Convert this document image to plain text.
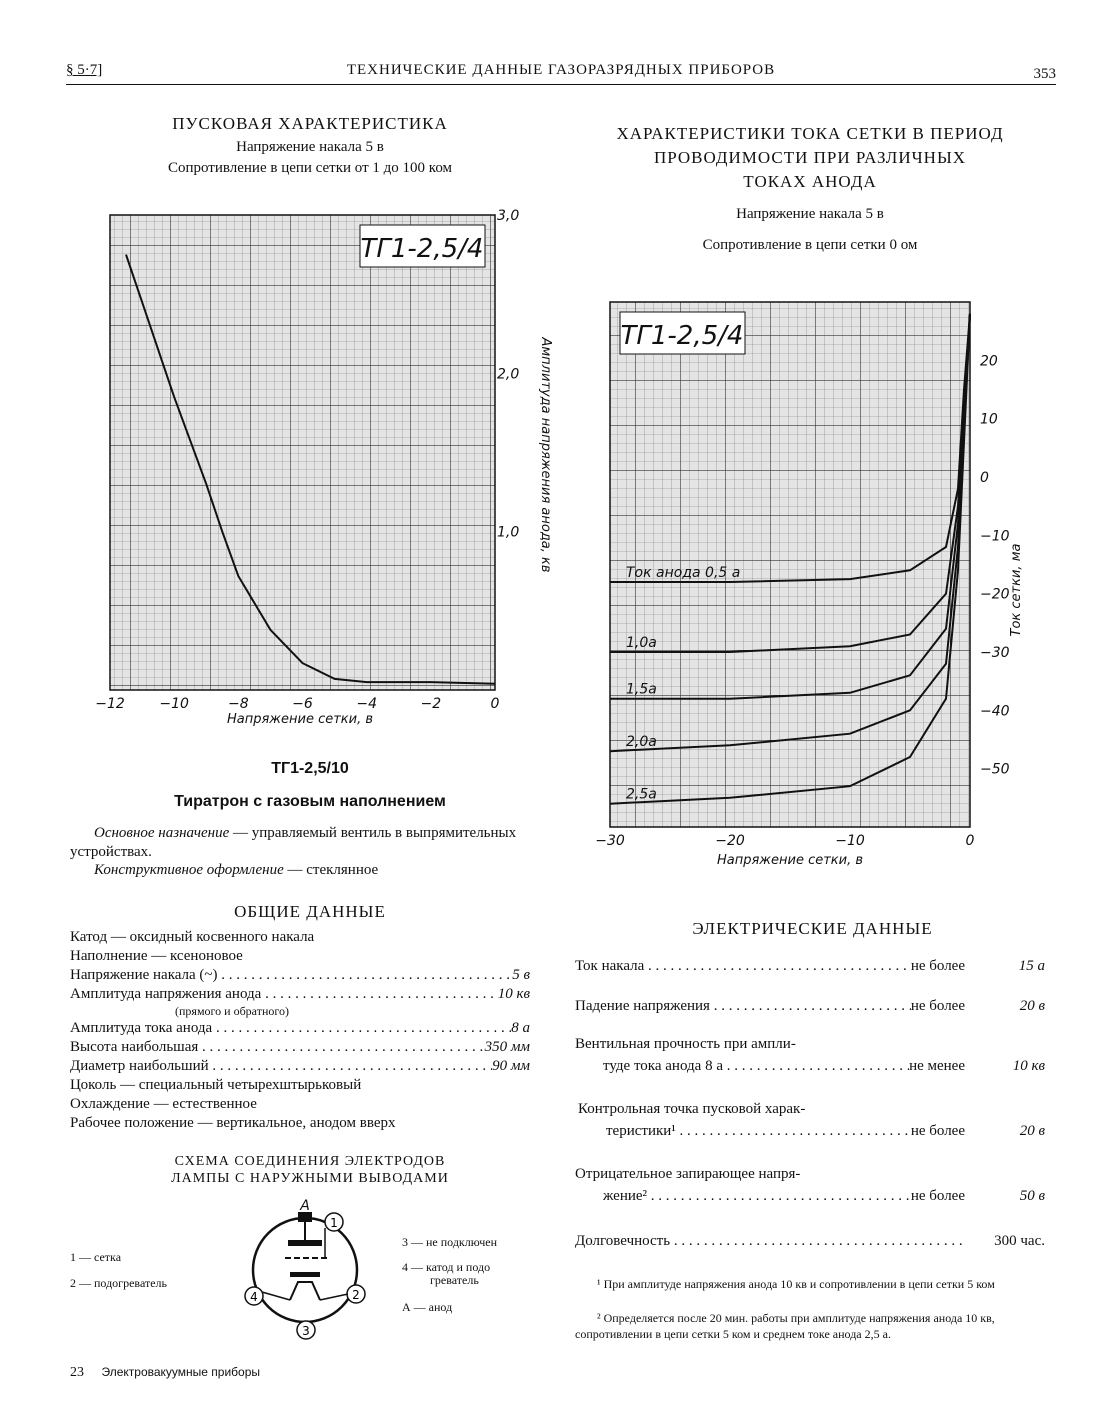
§ 5·7]	ТЕХНИЧЕСКИЕ ДАННЫЕ ГАЗОРАЗРЯДНЫХ ПРИБОРОВ	353
ПУСКОВАЯ ХАРАКТЕРИСТИКА
Напряжение накала 5 в
Сопротивление в цепи сетки от 1 до 100 ком
ТГ1-2,5/4
−12 −10	−8	−6	−4	−2	0
1,0
2,0
3,0
Напряжение сетки, в
Амплитуда напряжения анода, кв
ХАРАКТЕРИСТИКИ ТОКА СЕТКИ В ПЕРИОД
ПРОВОДИМОСТИ ПРИ РАЗЛИЧНЫХ
ТОКАХ АНОДА
Напряжение накала 5 в
Сопротивление в цепи сетки 0 ом
ТГ1-2,5/4
Ток анода 0,5 а
1,0а
1,5а
2,0а
2,5а
−30	−20	−10	0
20
10
0
−10
−20
−30
−40
−50
Напряжение сетки, в
Ток сетки, ма
ТГ1-2,5/10
Тиратрон с газовым наполнением
Основное назначение — управляемый вентиль в выпрямительных устройствах.
Конструктивное оформление — стеклянное
ОБЩИЕ ДАННЫЕ
Катод — оксидный косвенного накала
Наполнение — ксеноновое
Напряжение накала (~) . . .	5 в
Амплитуда напряжения анода . . .	10 кв
(прямого и обратного)
Амплитуда тока анода . . .	8 а
Высота наибольшая . . .	350 мм
Диаметр наибольший . . .	90 мм
Цоколь — специальный четырехштырьковый
Охлаждение — естественное
Рабочее положение — вертикальное, анодом вверх
СХЕМА СОЕДИНЕНИЯ ЭЛЕКТРОДОВ
ЛАМПЫ С НАРУЖНЫМИ ВЫВОДАМИ
1 — сетка
2 — подогреватель
3 — не подключен
4 — катод и подо
греватель
А — анод
А
1
2
3
4
ЭЛЕКТРИЧЕСКИЕ ДАННЫЕ
Ток накала . . .	не более	15 а
Падение напряжения . . .	не более	20 в
Вентильная прочность при ампли-
туде тока анода 8 а . . .	не менее	10 кв
Контрольная точка пусковой харак-
теристики¹ . . .	не более	20 в
Отрицательное запирающее напря-
жение² . . .	не более	50 в
Долговечность . . .	300 час.
¹ При амплитуде напряжения анода 10 кв и сопротивлении в цепи сетки 5 ком
² Определяется после 20 мин. работы при амплитуде напряжения анода 10 кв, сопротивлении в цепи сетки 5 ком и среднем токе анода 2,5 а.
23 Электровакуумные приборы
